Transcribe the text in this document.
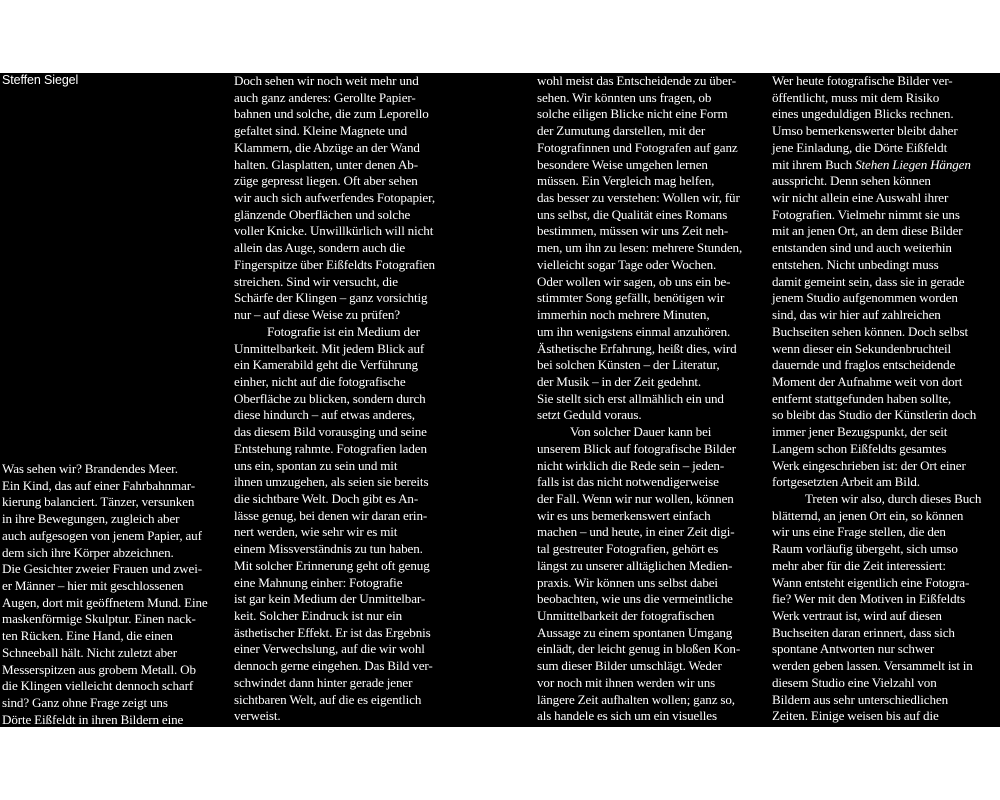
Steffen Siegel
Was sehen wir? Brandendes Meer.
Ein Kind, das auf einer Fahrbahnmar-
kierung balanciert. Tänzer, versunken
in ihre Bewegungen, zugleich aber
auch aufgesogen von jenem Papier, auf
dem sich ihre Körper abzeichnen.
Die Gesichter zweier Frauen und zwei-
er Männer – hier mit geschlossenen
Augen, dort mit geöffnetem Mund. Eine
maskenförmige Skulptur. Einen nack-
ten Rücken. Eine Hand, die einen
Schneeball hält. Nicht zuletzt aber
Messerspitzen aus grobem Metall. Ob
die Klingen vielleicht dennoch scharf
sind? Ganz ohne Frage zeigt uns
Dörte Eißfeldt in ihren Bildern eine
rätselhafte Sammlung von Motiven.
Doch sehen wir noch weit mehr und
auch ganz anderes: Gerollte Papier-
bahnen und solche, die zum Leporello
gefaltet sind. Kleine Magnete und
Klammern, die Abzüge an der Wand
halten. Glasplatten, unter denen Ab-
züge gepresst liegen. Oft aber sehen
wir auch sich aufwerfendes Fotopapier,
glänzende Oberflächen und solche
voller Knicke. Unwillkürlich will nicht
allein das Auge, sondern auch die
Fingerspitze über Eißfeldts Fotografien
streichen. Sind wir versucht, die
Schärfe der Klingen – ganz vorsichtig
nur – auf diese Weise zu prüfen?
Fotografie ist ein Medium der
Unmittelbarkeit. Mit jedem Blick auf
ein Kamerabild geht die Verführung
einher, nicht auf die fotografische
Oberfläche zu blicken, sondern durch
diese hindurch – auf etwas anderes,
das diesem Bild vorausging und seine
Entstehung rahmte. Fotografien laden
uns ein, spontan zu sein und mit
ihnen umzugehen, als seien sie bereits
die sichtbare Welt. Doch gibt es An-
lässe genug, bei denen wir daran erin-
nert werden, wie sehr wir es mit
einem Missverständnis zu tun haben.
Mit solcher Erinnerung geht oft genug
eine Mahnung einher: Fotografie
ist gar kein Medium der Unmittelbar-
keit. Solcher Eindruck ist nur ein
ästhetischer Effekt. Er ist das Ergebnis
einer Verwechslung, auf die wir wohl
dennoch gerne eingehen. Das Bild ver-
schwindet dann hinter gerade jener
sichtbaren Welt, auf die es eigentlich
verweist.
Fotografien lassen ungebremste
Blicke zu. Es ist möglich, sich rasch
über sie zu verständigen – und dabei
wohl meist das Entscheidende zu über-
sehen. Wir könnten uns fragen, ob
solche eiligen Blicke nicht eine Form
der Zumutung darstellen, mit der
Fotografinnen und Fotografen auf ganz
besondere Weise umgehen lernen
müssen. Ein Vergleich mag helfen,
das besser zu verstehen: Wollen wir, für
uns selbst, die Qualität eines Romans
bestimmen, müssen wir uns Zeit neh-
men, um ihn zu lesen: mehrere Stunden,
vielleicht sogar Tage oder Wochen.
Oder wollen wir sagen, ob uns ein be-
stimmter Song gefällt, benötigen wir
immerhin noch mehrere Minuten,
um ihn wenigstens einmal anzuhören.
Ästhetische Erfahrung, heißt dies, wird
bei solchen Künsten – der Literatur,
der Musik – in der Zeit gedehnt.
Sie stellt sich erst allmählich ein und
setzt Geduld voraus.
Von solcher Dauer kann bei
unserem Blick auf fotografische Bilder
nicht wirklich die Rede sein – jeden-
falls ist das nicht notwendigerweise
der Fall. Wenn wir nur wollen, können
wir es uns bemerkenswert einfach
machen – und heute, in einer Zeit digi-
tal gestreuter Fotografien, gehört es
längst zu unserer alltäglichen Medien-
praxis. Wir können uns selbst dabei
beobachten, wie uns die vermeintliche
Unmittelbarkeit der fotografischen
Aussage zu einem spontanen Umgang
einlädt, der leicht genug in bloßen Kon-
sum dieser Bilder umschlägt. Weder
vor noch mit ihnen werden wir uns
längere Zeit aufhalten wollen; ganz so,
als handele es sich um ein visuelles
Rauschen, das sich auf sonderbar re-
dundante Weise an die Seite der
ohnehin sichtbaren Wirklichkeit setzt.
Wer heute fotografische Bilder ver-
öffentlicht, muss mit dem Risiko
eines ungeduldigen Blicks rechnen.
Umso bemerkenswerter bleibt daher
jene Einladung, die Dörte Eißfeldt
mit ihrem Buch Stehen Liegen Hängen
ausspricht. Denn sehen können
wir nicht allein eine Auswahl ihrer
Fotografien. Vielmehr nimmt sie uns
mit an jenen Ort, an dem diese Bilder
entstanden sind und auch weiterhin
entstehen. Nicht unbedingt muss
damit gemeint sein, dass sie in gerade
jenem Studio aufgenommen worden
sind, das wir hier auf zahlreichen
Buchseiten sehen können. Doch selbst
wenn dieser ein Sekundenbruchteil
dauernde und fraglos entscheidende
Moment der Aufnahme weit von dort
entfernt stattgefunden haben sollte,
so bleibt das Studio der Künstlerin doch
immer jener Bezugspunkt, der seit
Langem schon Eißfeldts gesamtes
Werk eingeschrieben ist: der Ort einer
fortgesetzten Arbeit am Bild.
Treten wir also, durch dieses Buch
blätternd, an jenen Ort ein, so können
wir uns eine Frage stellen, die den
Raum vorläufig übergeht, sich umso
mehr aber für die Zeit interessiert:
Wann entsteht eigentlich eine Fotogra-
fie? Wer mit den Motiven in Eißfeldts
Werk vertraut ist, wird auf diesen
Buchseiten daran erinnert, dass sich
spontane Antworten nur schwer
werden geben lassen. Versammelt ist in
diesem Studio eine Vielzahl von
Bildern aus sehr unterschiedlichen
Zeiten. Einige weisen bis auf die
Anfänge von Eißfeldts Auseinander-
setzung mit der Fotografie zurück.
Andere sind erst jüngst entstanden.
